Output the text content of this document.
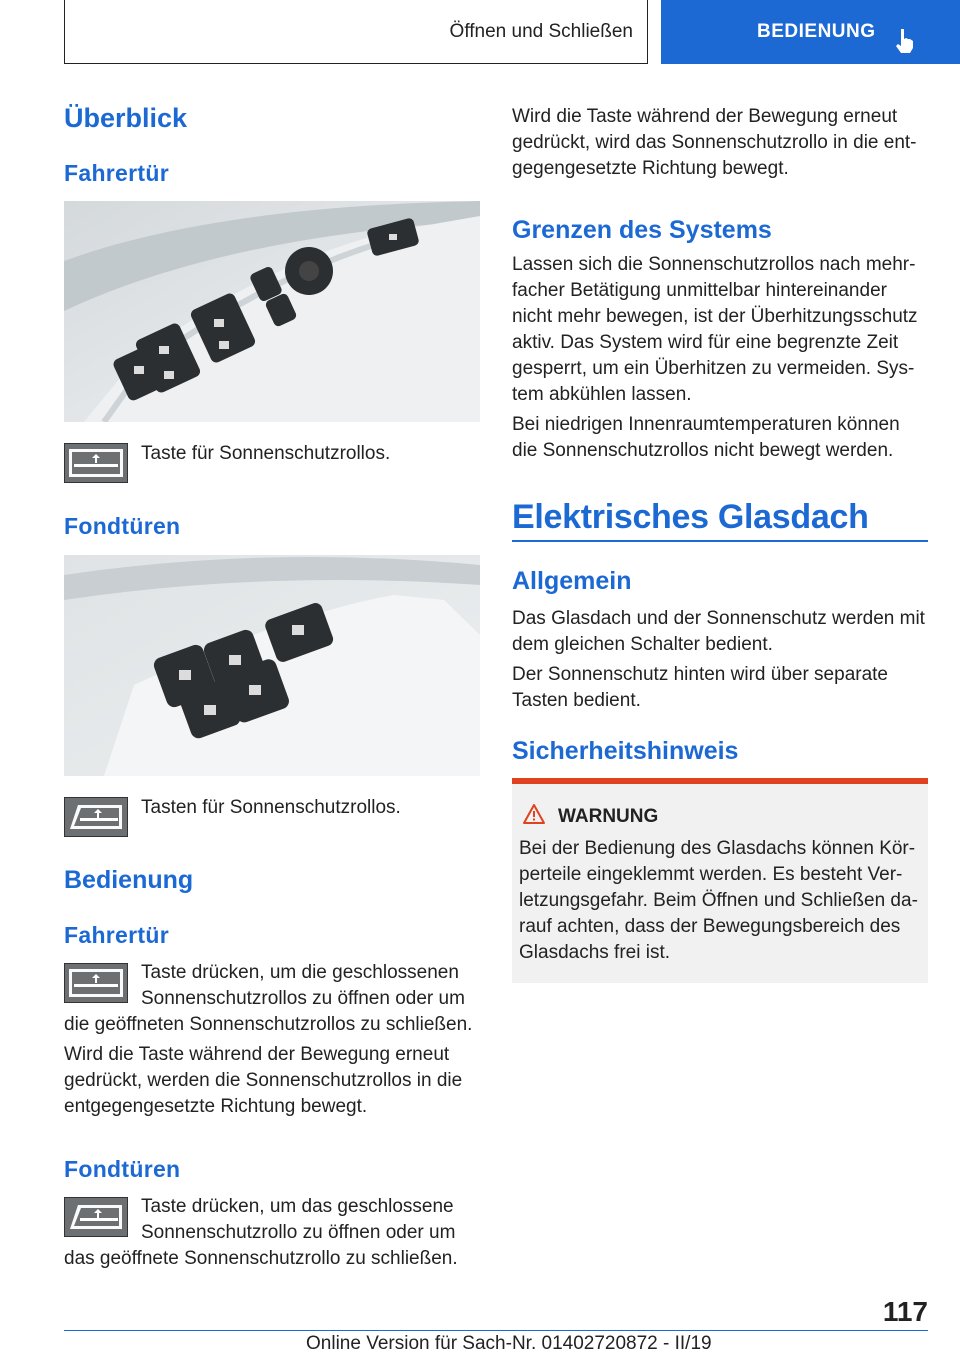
Öffnen und Schließen	BEDIENUNG
Überblick
Fahrertür
Taste für Sonnenschutzrollos.
Fondtüren
Tasten für Sonnenschutzrollos.
Bedienung
Fahrertür
Taste drücken, um die geschlossenen
Sonnenschutzrollos zu öffnen oder um
die geöffneten Sonnenschutzrollos zu schließen.
Wird die Taste während der Bewegung erneut
gedrückt, werden die Sonnenschutzrollos in die
entgegengesetzte Richtung bewegt.
Fondtüren
Taste drücken, um das geschlossene
Sonnenschutzrollo zu öffnen oder um
das geöffnete Sonnenschutzrollo zu schließen.
Wird die Taste während der Bewegung erneut
gedrückt, wird das Sonnenschutzrollo in die ent‐
gegengesetzte Richtung bewegt.
Grenzen des Systems
Lassen sich die Sonnenschutzrollos nach mehr‐
facher Betätigung unmittelbar hintereinander
nicht mehr bewegen, ist der Überhitzungsschutz
aktiv. Das System wird für eine begrenzte Zeit
gesperrt, um ein Überhitzen zu vermeiden. Sys‐
tem abkühlen lassen.
Bei niedrigen Innenraumtemperaturen können
die Sonnenschutzrollos nicht bewegt werden.
Elektrisches Glasdach
Allgemein
Das Glasdach und der Sonnenschutz werden mit
dem gleichen Schalter bedient.
Der Sonnenschutz hinten wird über separate
Tasten bedient.
Sicherheitshinweis
WARNUNG
Bei der Bedienung des Glasdachs können Kör‐
perteile eingeklemmt werden. Es besteht Ver‐
letzungsgefahr. Beim Öffnen und Schließen da‐
rauf achten, dass der Bewegungsbereich des
Glasdachs frei ist.
117
Online Version für Sach-Nr. 01402720872 - II/19
